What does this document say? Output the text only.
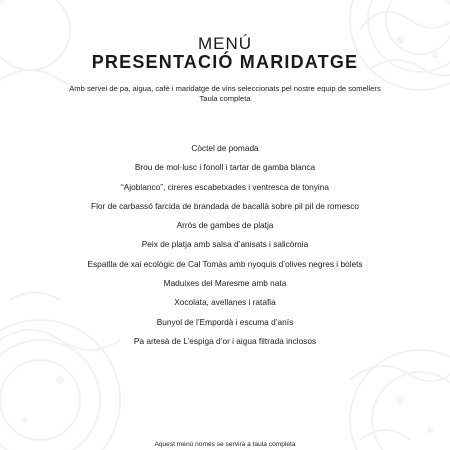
MENÚ
PRESENTACIÓ MARIDATGE
Amb servei de pa, aigua, cafè i maridatge de vins seleccionats pel nostre equip de somellers
Taula completa
Còctel de pomada
Brou de mol·lusc i fonoll i tartar de gamba blanca
“Ajoblanco”, cireres escabetxades i ventresca de tonyina
Flor de carbassó farcida de brandada de bacallà sobre pil pil de romesco
Arròs de gambes de platja
Peix de platja amb salsa d’anisats i salicòrnia
Espatlla de xai ecològic de Cal Tomàs amb nyoquis d’olives negres i bolets
Maduixes del Maresme amb nata
Xocolata, avellanes i ratafia
Bunyol de l’Empordà i escuma d’anís
Pa artesà de L’espiga d’or i aigua filtrada inclosos
Aquest menú només se servirà a taula completa
